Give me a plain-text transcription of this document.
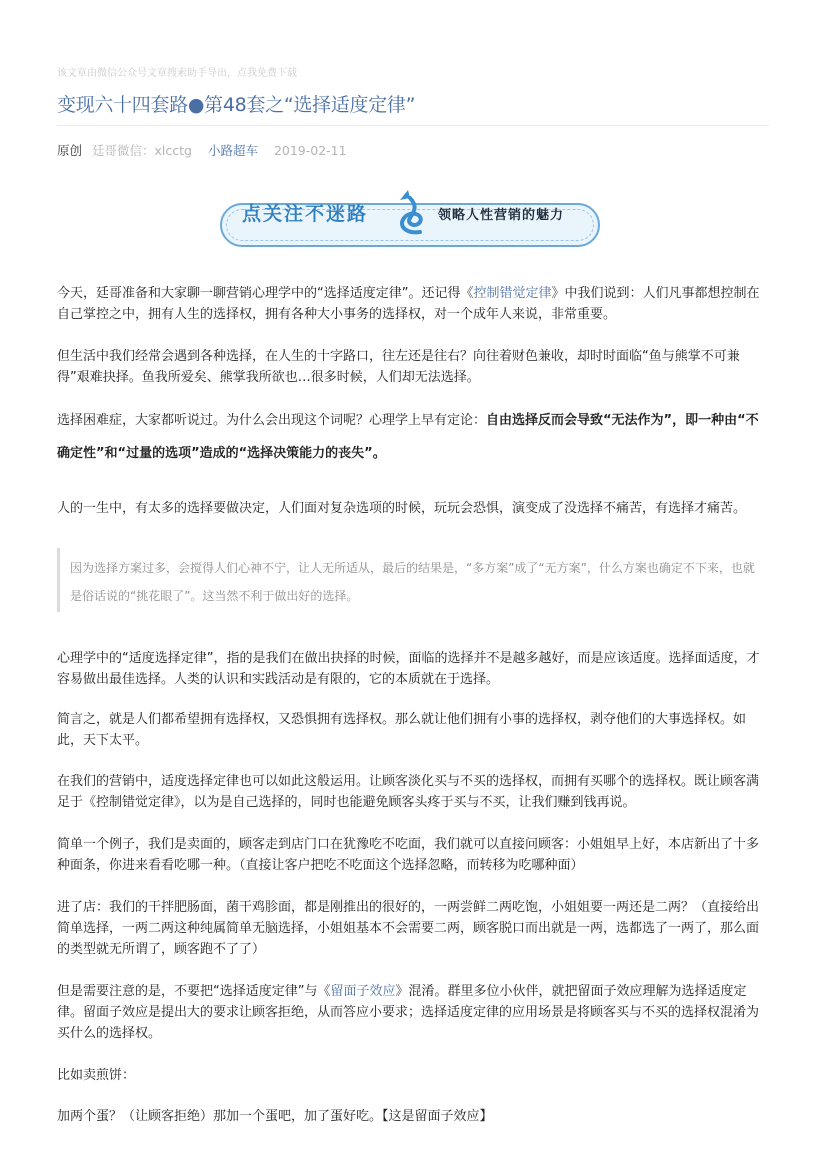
该文章由微信公众号文章搜索助手导出，点我免费下载
变现六十四套路●第48套之“选择适度定律”
原创 廷哥微信：xlcctg 小路超车 2019-02-11
点关注不迷路	领略人性营销的魅力
今天，廷哥准备和大家聊一聊营销心理学中的“选择适度定律”。还记得《控制错觉定律》中我们说到：人们凡事都想控制在自己掌控之中，拥有人生的选择权，拥有各种大小事务的选择权，对一个成年人来说，非常重要。
但生活中我们经常会遇到各种选择，在人生的十字路口，往左还是往右？向往着财色兼收，却时时面临“鱼与熊掌不可兼得”艰难抉择。鱼我所爱矣、熊掌我所欲也…很多时候，人们却无法选择。
选择困难症，大家都听说过。为什么会出现这个词呢？心理学上早有定论：自由选择反而会导致“无法作为”，即一种由“不确定性”和“过量的选项”造成的“选择决策能力的丧失”。
人的一生中，有太多的选择要做决定，人们面对复杂选项的时候，玩玩会恐惧，演变成了没选择不痛苦，有选择才痛苦。
因为选择方案过多，会搅得人们心神不宁，让人无所适从，最后的结果是，“多方案”成了“无方案”，什么方案也确定不下来，也就是俗话说的“挑花眼了”。这当然不利于做出好的选择。
心理学中的“适度选择定律”，指的是我们在做出抉择的时候，面临的选择并不是越多越好，而是应该适度。选择面适度，才容易做出最佳选择。人类的认识和实践活动是有限的，它的本质就在于选择。
简言之，就是人们都希望拥有选择权，又恐惧拥有选择权。那么就让他们拥有小事的选择权，剥夺他们的大事选择权。如此，天下太平。
在我们的营销中，适度选择定律也可以如此这般运用。让顾客淡化买与不买的选择权，而拥有买哪个的选择权。既让顾客满足于《控制错觉定律》，以为是自己选择的，同时也能避免顾客头疼于买与不买，让我们赚到钱再说。
简单一个例子，我们是卖面的，顾客走到店门口在犹豫吃不吃面，我们就可以直接问顾客：小姐姐早上好，本店新出了十多种面条，你进来看看吃哪一种。（直接让客户把吃不吃面这个选择忽略，而转移为吃哪种面）
进了店：我们的干拌肥肠面，菌干鸡胗面，都是刚推出的很好的，一两尝鲜二两吃饱，小姐姐要一两还是二两？（直接给出简单选择，一两二两这种纯属简单无脑选择，小姐姐基本不会需要二两，顾客脱口而出就是一两，选都选了一两了，那么面的类型就无所谓了，顾客跑不了了）
但是需要注意的是，不要把“选择适度定律”与《留面子效应》混淆。群里多位小伙伴，就把留面子效应理解为选择适度定律。留面子效应是提出大的要求让顾客拒绝，从而答应小要求；选择适度定律的应用场景是将顾客买与不买的选择权混淆为买什么的选择权。
比如卖煎饼：
加两个蛋？（让顾客拒绝）那加一个蛋吧，加了蛋好吃。【这是留面子效应】
